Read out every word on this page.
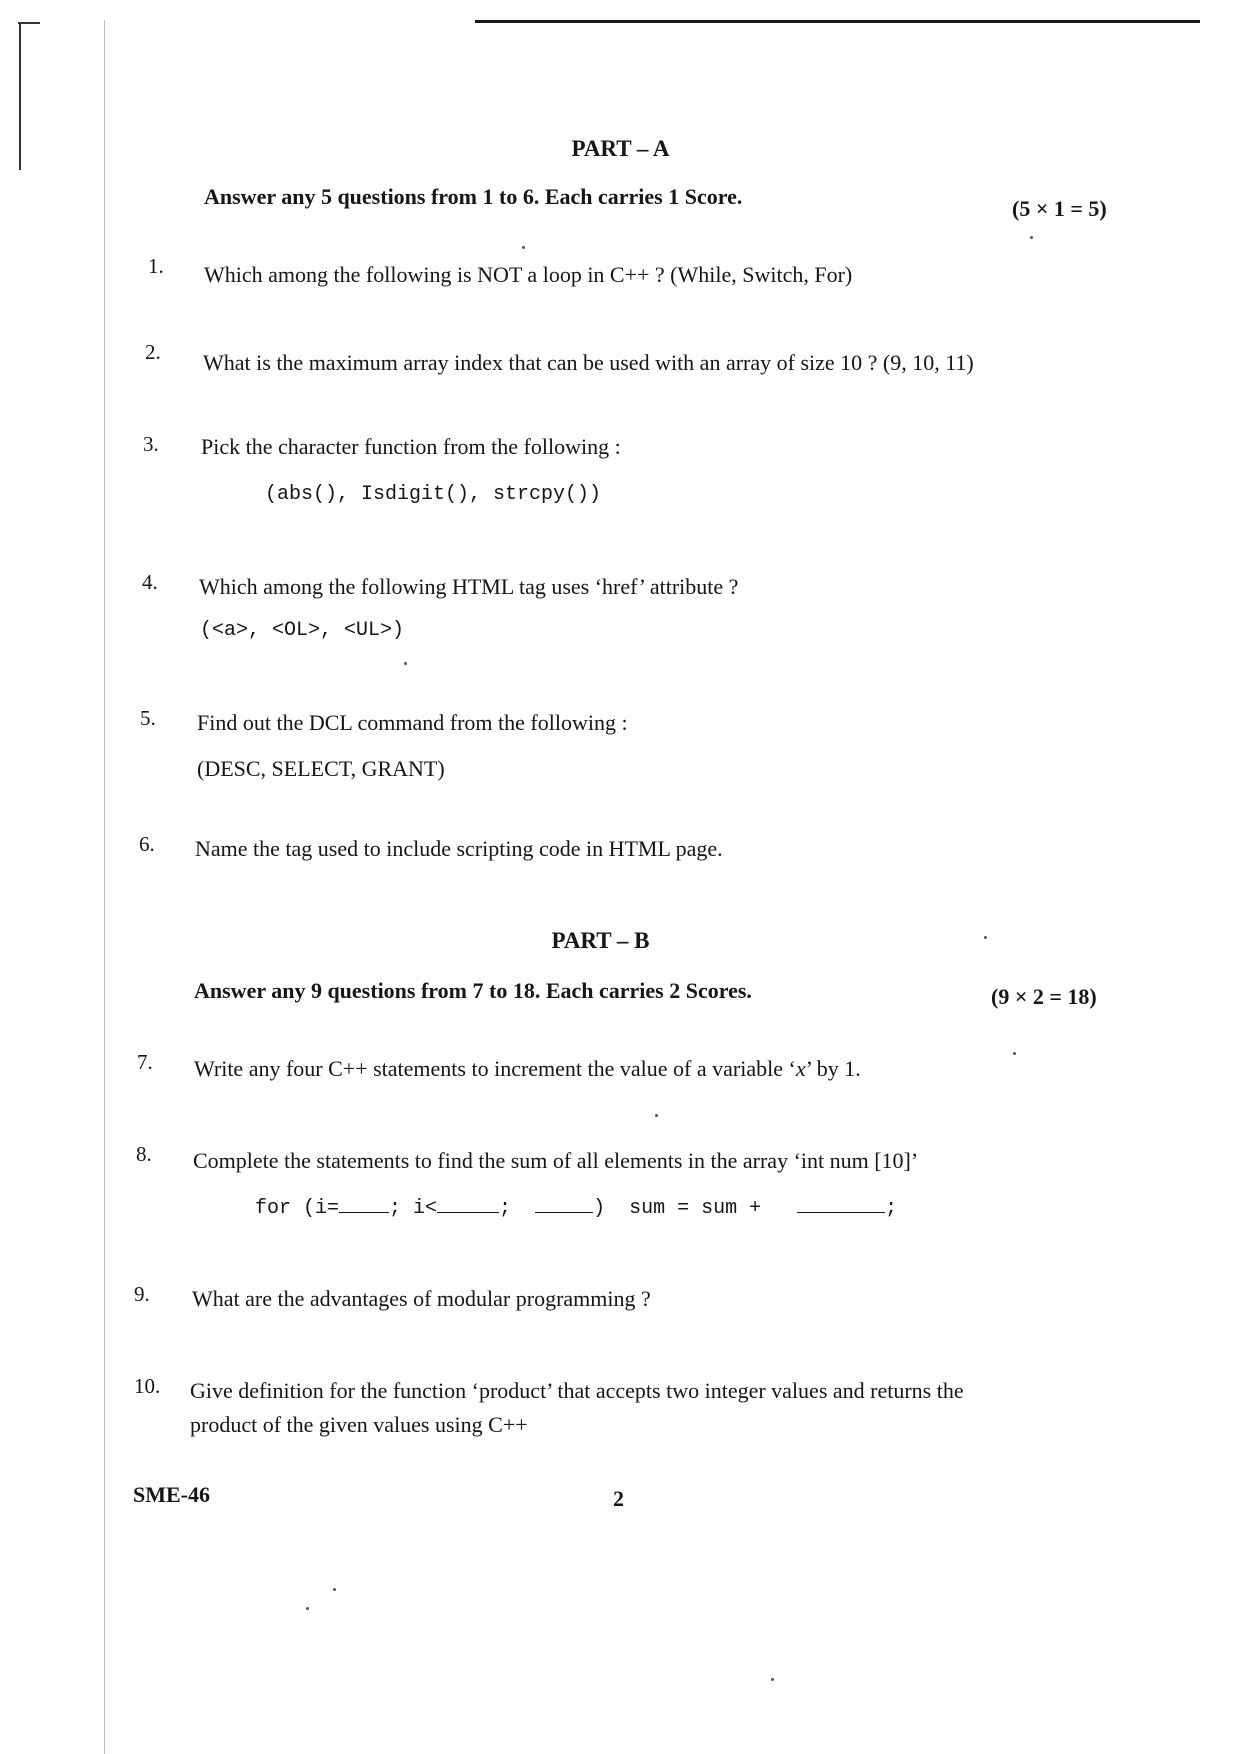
PART – A
Answer any 5 questions from 1 to 6. Each carries 1 Score.	(5 × 1 = 5)
1. Which among the following is NOT a loop in C++ ? (While, Switch, For)
2. What is the maximum array index that can be used with an array of size 10 ? (9, 10, 11)
3. Pick the character function from the following :
(abs(), Isdigit(), strcpy())
4. Which among the following HTML tag uses ‘href’ attribute ?
(<a>, <OL>, <UL>)
5. Find out the DCL command from the following :
(DESC, SELECT, GRANT)
6. Name the tag used to include scripting code in HTML page.
PART – B
Answer any 9 questions from 7 to 18. Each carries 2 Scores.	(9 × 2 = 18)
7. Write any four C++ statements to increment the value of a variable ‘x’ by 1.
8. Complete the statements to find the sum of all elements in the array ‘int num [10]’
for (i=	; i<	;	) sum = sum +	;
9. What are the advantages of modular programming ?
10. Give definition for the function ‘product’ that accepts two integer values and returns the
product of the given values using C++
SME-46	2
